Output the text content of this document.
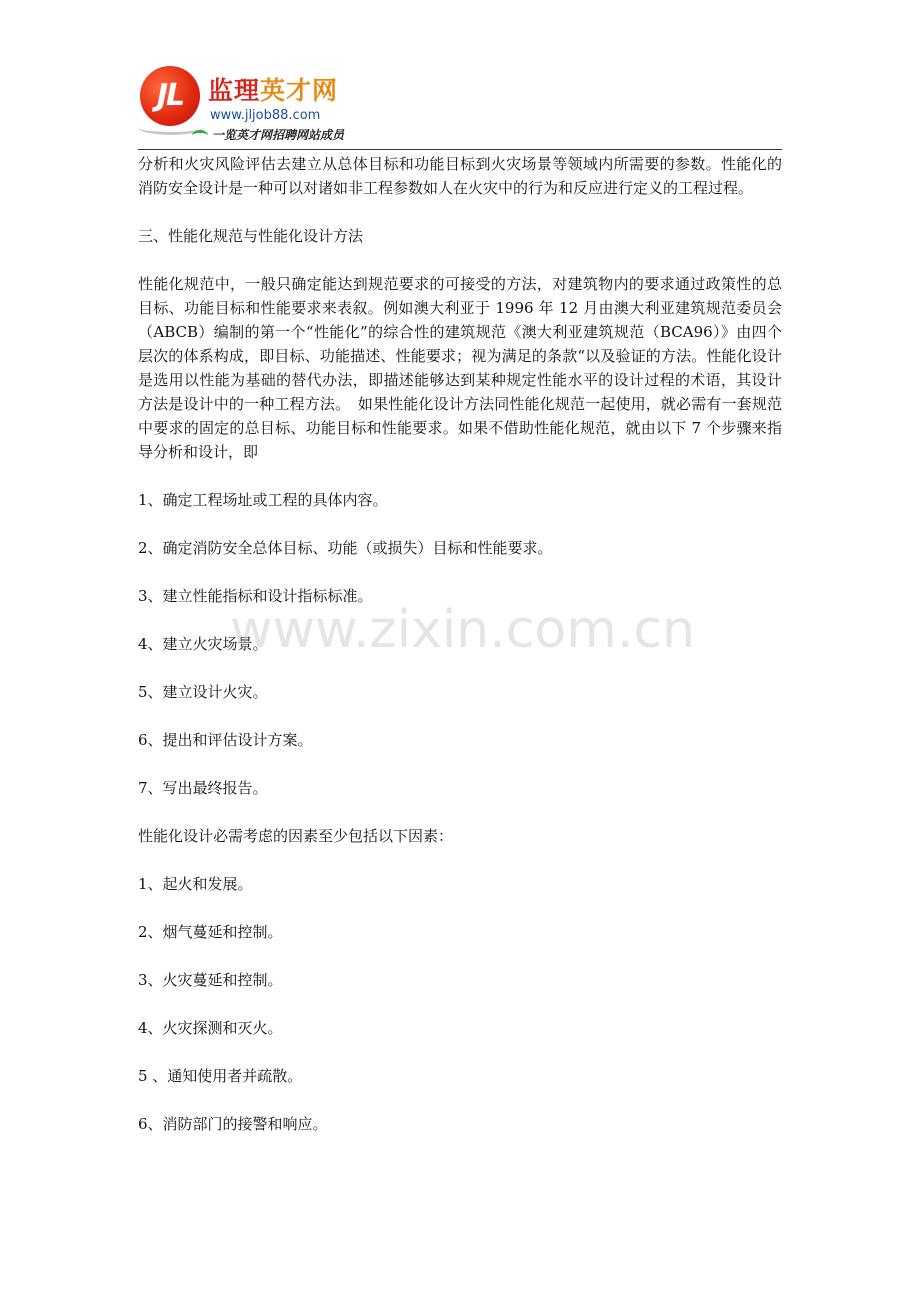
JL 监理英才网
www.jljob88.com
一览英才网招聘网站成员

分析和火灾风险评估去建立从总体目标和功能目标到火灾场景等领域内所需要的参数。性能化的消防安全设计是一种可以对诸如非工程参数如人在火灾中的行为和反应进行定义的工程过程。

三、性能化规范与性能化设计方法

性能化规范中，一般只确定能达到规范要求的可接受的方法，对建筑物内的要求通过政策性的总目标、功能目标和性能要求来表叙。例如澳大利亚于 1996 年 12 月由澳大利亚建筑规范委员会（ABCB）编制的第一个“性能化”的综合性的建筑规范《澳大利亚建筑规范（BCA96）》由四个层次的体系构成，即目标、功能描述、性能要求；视为满足的条款“以及验证的方法。性能化设计是选用以性能为基础的替代办法，即描述能够达到某种规定性能水平的设计过程的术语，其设计方法是设计中的一种工程方法。　如果性能化设计方法同性能化规范一起使用，就必需有一套规范中要求的固定的总目标、功能目标和性能要求。如果不借助性能化规范，就由以下 7 个步骤来指导分析和设计，即

1、确定工程场址或工程的具体内容。

2、确定消防安全总体目标、功能（或损失）目标和性能要求。

3、建立性能指标和设计指标标准。

4、建立火灾场景。

5、建立设计火灾。

6、提出和评估设计方案。

7、写出最终报告。

性能化设计必需考虑的因素至少包括以下因素：

1、起火和发展。

2、烟气蔓延和控制。

3、火灾蔓延和控制。

4、火灾探测和灭火。

5 、通知使用者并疏散。

6、消防部门的接警和响应。

www.zixin.com.cn
